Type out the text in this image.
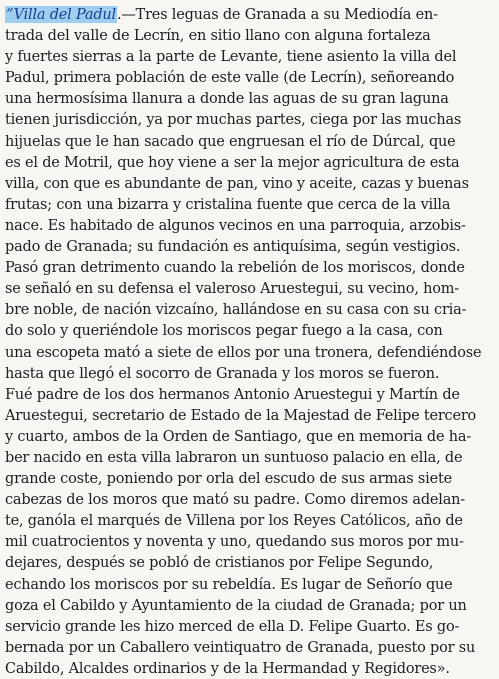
“Villa del Padul.—Tres leguas de Granada a su Mediodía en-
trada del valle de Lecrín, en sitio llano con alguna fortaleza
y fuertes sierras a la parte de Levante, tiene asiento la villa del
Padul, primera población de este valle (de Lecrín), señoreando
una hermosísima llanura a donde las aguas de su gran laguna
tienen jurisdicción, ya por muchas partes, ciega por las muchas
hijuelas que le han sacado que engruesan el río de Dúrcal, que
es el de Motril, que hoy viene a ser la mejor agricultura de esta
villa, con que es abundante de pan, vino y aceite, cazas y buenas
frutas; con una bizarra y cristalina fuente que cerca de la villa
nace. Es habitado de algunos vecinos en una parroquia, arzobis-
pado de Granada; su fundación es antiquísima, según vestigios.
Pasó gran detrimento cuando la rebelión de los moriscos, donde
se señaló en su defensa el valeroso Aruestegui, su vecino, hom-
bre noble, de nación vizcaíno, hallándose en su casa con su cria-
do solo y queriéndole los moriscos pegar fuego a la casa, con
una escopeta mató a siete de ellos por una tronera, defendiéndose
hasta que llegó el socorro de Granada y los moros se fueron.
Fué padre de los dos hermanos Antonio Aruestegui y Martín de
Aruestegui, secretario de Estado de la Majestad de Felipe tercero
y cuarto, ambos de la Orden de Santiago, que en memoria de ha-
ber nacido en esta villa labraron un suntuoso palacio en ella, de
grande coste, poniendo por orla del escudo de sus armas siete
cabezas de los moros que mató su padre. Como diremos adelan-
te, ganóla el marqués de Villena por los Reyes Católicos, año de
mil cuatrocientos y noventa y uno, quedando sus moros por mu-
dejares, después se pobló de cristianos por Felipe Segundo,
echando los moriscos por su rebeldía. Es lugar de Señorío que
goza el Cabildo y Ayuntamiento de la ciudad de Granada; por un
servicio grande les hizo merced de ella D. Felipe Guarto. Es go-
bernada por un Caballero veintiquatro de Granada, puesto por su
Cabildo, Alcaldes ordinarios y de la Hermandad y Regidores».
